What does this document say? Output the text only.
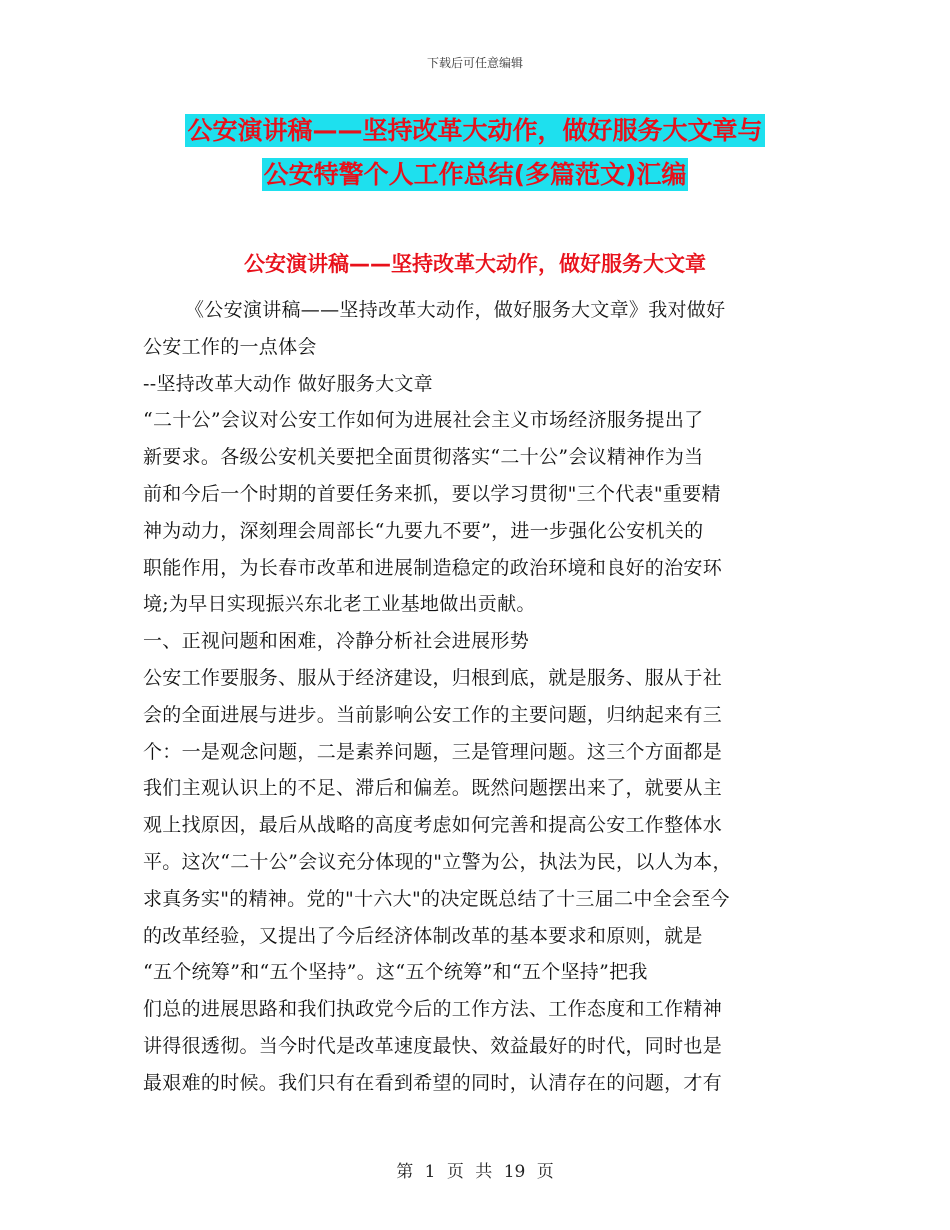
下载后可任意编辑
公安演讲稿——坚持改革大动作，做好服务大文章与
公安特警个人工作总结(多篇范文)汇编
公安演讲稿——坚持改革大动作，做好服务大文章
《公安演讲稿——坚持改革大动作，做好服务大文章》我对做好
公安工作的一点体会
--坚持改革大动作 做好服务大文章
“二十公”会议对公安工作如何为进展社会主义市场经济服务提出了
新要求。各级公安机关要把全面贯彻落实“二十公”会议精神作为当
前和今后一个时期的首要任务来抓，要以学习贯彻"三个代表"重要精
神为动力，深刻理会周部长“九要九不要”，进一步强化公安机关的
职能作用，为长春市改革和进展制造稳定的政治环境和良好的治安环
境;为早日实现振兴东北老工业基地做出贡献。
一、正视问题和困难，冷静分析社会进展形势
公安工作要服务、服从于经济建设，归根到底，就是服务、服从于社
会的全面进展与进步。当前影响公安工作的主要问题，归纳起来有三
个：一是观念问题，二是素养问题，三是管理问题。这三个方面都是
我们主观认识上的不足、滞后和偏差。既然问题摆出来了，就要从主
观上找原因，最后从战略的高度考虑如何完善和提高公安工作整体水
平。这次“二十公”会议充分体现的"立警为公，执法为民，以人为本，
求真务实"的精神。党的"十六大"的决定既总结了十三届二中全会至今
的改革经验，又提出了今后经济体制改革的基本要求和原则，就是
“五个统筹”和“五个坚持”。这“五个统筹”和“五个坚持”把我
们总的进展思路和我们执政党今后的工作方法、工作态度和工作精神
讲得很透彻。当今时代是改革速度最快、效益最好的时代，同时也是
最艰难的时候。我们只有在看到希望的同时，认清存在的问题，才有
第 1 页 共 19 页
